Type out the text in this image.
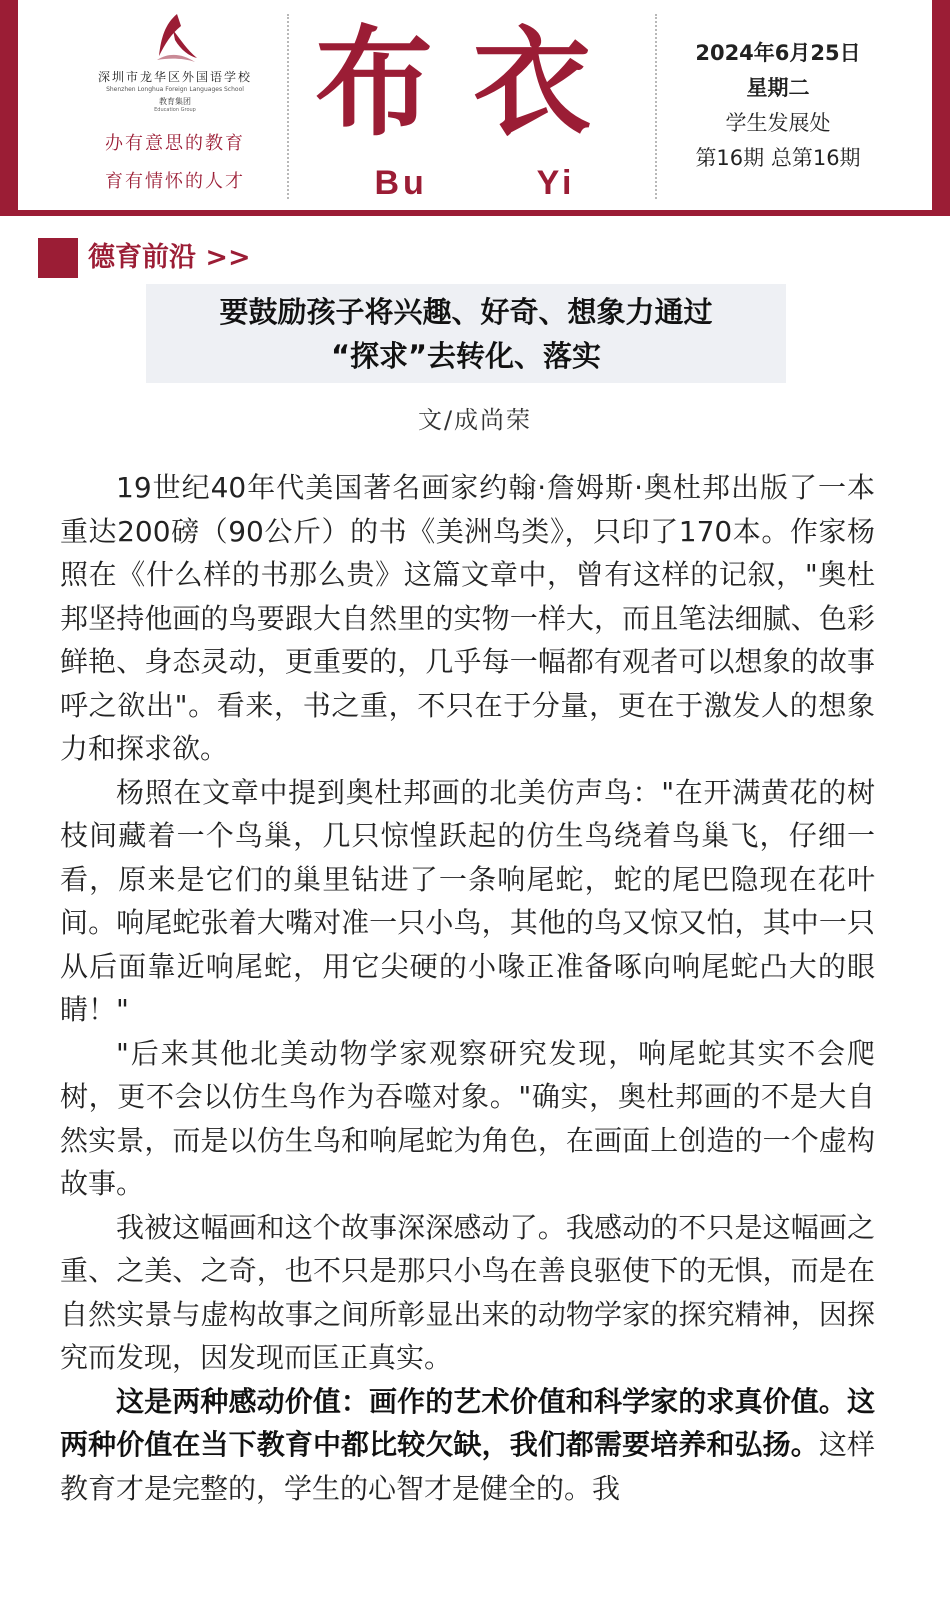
深圳市龙华区外国语学校
Shenzhen Longhua Foreign Languages School
教育集团
Education Group
办有意思的教育
育有情怀的人才
布衣
Bu Yi
2024年6月25日
星期二
学生发展处
第16期 总第16期
德育前沿 >>
要鼓励孩子将兴趣、好奇、想象力通过
“探求”去转化、落实
文/成尚荣

19世纪40年代美国著名画家约翰·詹姆斯·奥杜邦出版了一本重达200磅（90公斤）的书《美洲鸟类》，只印了170本。作家杨照在《什么样的书那么贵》这篇文章中，曾有这样的记叙，"奥杜邦坚持他画的鸟要跟大自然里的实物一样大，而且笔法细腻、色彩鲜艳、身态灵动，更重要的，几乎每一幅都有观者可以想象的故事呼之欲出"。看来，书之重，不只在于分量，更在于激发人的想象力和探求欲。

杨照在文章中提到奥杜邦画的北美仿声鸟："在开满黄花的树枝间藏着一个鸟巢，几只惊惶跃起的仿生鸟绕着鸟巢飞，仔细一看，原来是它们的巢里钻进了一条响尾蛇，蛇的尾巴隐现在花叶间。响尾蛇张着大嘴对准一只小鸟，其他的鸟又惊又怕，其中一只从后面靠近响尾蛇，用它尖硬的小喙正准备啄向响尾蛇凸大的眼睛！"

"后来其他北美动物学家观察研究发现，响尾蛇其实不会爬树，更不会以仿生鸟作为吞噬对象。"确实，奥杜邦画的不是大自然实景，而是以仿生鸟和响尾蛇为角色，在画面上创造的一个虚构故事。

我被这幅画和这个故事深深感动了。我感动的不只是这幅画之重、之美、之奇，也不只是那只小鸟在善良驱使下的无惧，而是在自然实景与虚构故事之间所彰显出来的动物学家的探究精神，因探究而发现，因发现而匡正真实。

这是两种感动价值：画作的艺术价值和科学家的求真价值。这两种价值在当下教育中都比较欠缺，我们都需要培养和弘扬。这样教育才是完整的，学生的心智才是健全的。我
